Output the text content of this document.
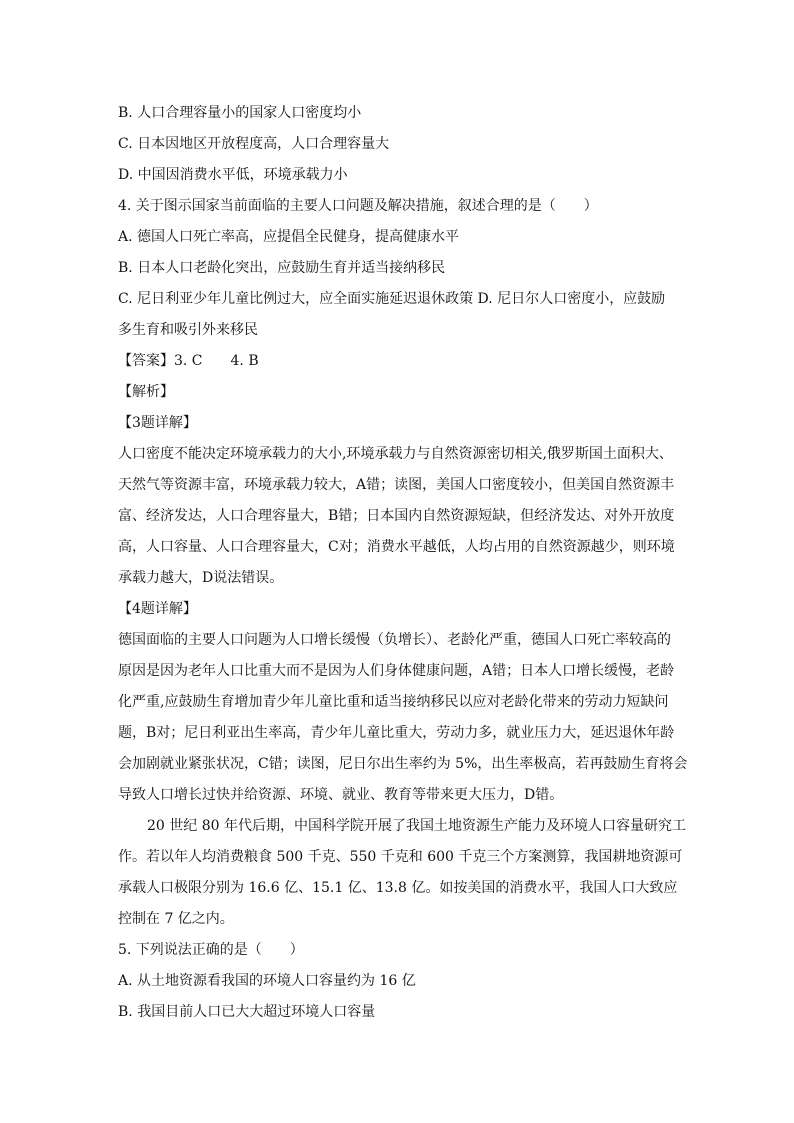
B. 人口合理容量小的国家人口密度均小
C. 日本因地区开放程度高，人口合理容量大
D. 中国因消费水平低，环境承载力小
4. 关于图示国家当前面临的主要人口问题及解决措施，叙述合理的是（　　）
A. 德国人口死亡率高，应提倡全民健身，提高健康水平
B. 日本人口老龄化突出，应鼓励生育并适当接纳移民
C. 尼日利亚少年儿童比例过大，应全面实施延迟退休政策 D. 尼日尔人口密度小，应鼓励
多生育和吸引外来移民
【答案】3. C　　4. B
【解析】
【3题详解】
人口密度不能决定环境承载力的大小,环境承载力与自然资源密切相关,俄罗斯国土面积大、
天然气等资源丰富，环境承载力较大，A错；读图，美国人口密度较小，但美国自然资源丰
富、经济发达，人口合理容量大，B错；日本国内自然资源短缺，但经济发达、对外开放度
高，人口容量、人口合理容量大，C对；消费水平越低，人均占用的自然资源越少，则环境
承载力越大，D说法错误。
【4题详解】
德国面临的主要人口问题为人口增长缓慢（负增长）、老龄化严重，德国人口死亡率较高的
原因是因为老年人口比重大而不是因为人们身体健康问题，A错；日本人口增长缓慢，老龄
化严重,应鼓励生育增加青少年儿童比重和适当接纳移民以应对老龄化带来的劳动力短缺问
题，B对；尼日利亚出生率高，青少年儿童比重大，劳动力多，就业压力大，延迟退休年龄
会加剧就业紧张状况，C错；读图，尼日尔出生率约为 5%，出生率极高，若再鼓励生育将会
导致人口增长过快并给资源、环境、就业、教育等带来更大压力，D错。
20 世纪 80 年代后期，中国科学院开展了我国土地资源生产能力及环境人口容量研究工
作。若以年人均消费粮食 500 千克、550 千克和 600 千克三个方案测算，我国耕地资源可
承载人口极限分别为 16.6 亿、15.1 亿、13.8 亿。如按美国的消费水平，我国人口大致应
控制在 7 亿之内。
5. 下列说法正确的是（　　）
A. 从土地资源看我国的环境人口容量约为 16 亿
B. 我国目前人口已大大超过环境人口容量
